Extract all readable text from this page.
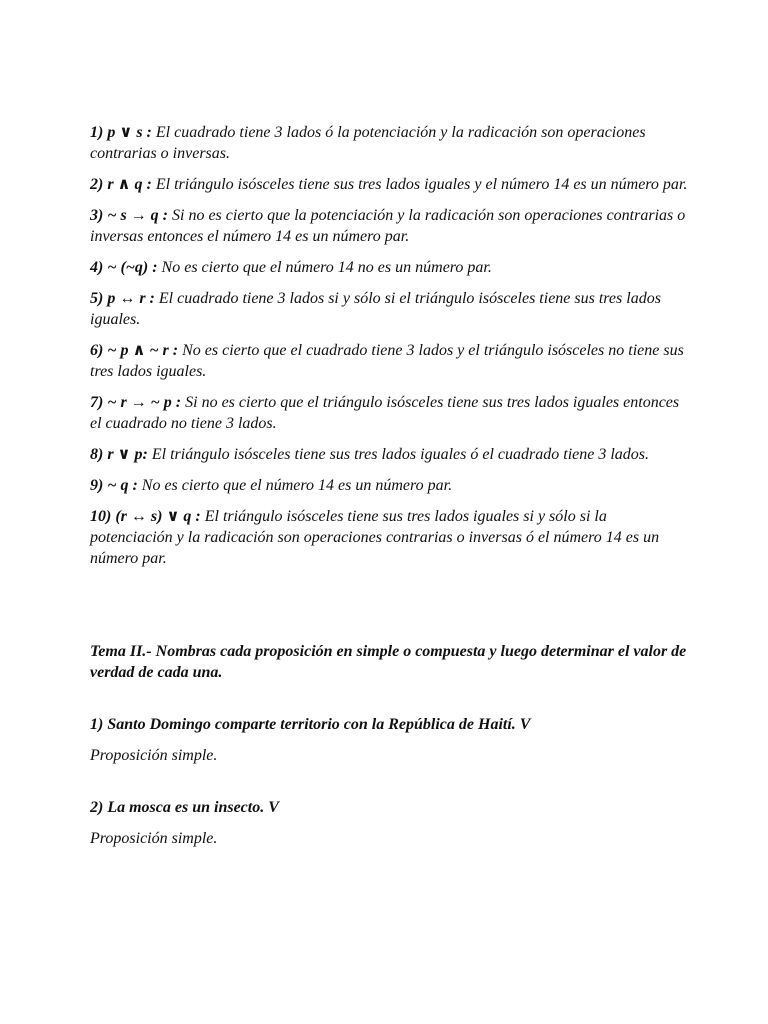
1) p ∨ s : El cuadrado tiene 3 lados ó la potenciación y la radicación son operaciones contrarias o inversas.
2) r ∧ q : El triángulo isósceles tiene sus tres lados iguales y el número 14 es un número par.
3) ~ s → q : Si no es cierto que la potenciación y la radicación son operaciones contrarias o inversas entonces el número 14 es un número par.
4) ~ (~q) : No es cierto que el número 14 no es un número par.
5) p ↔ r : El cuadrado tiene 3 lados si y sólo si el triángulo isósceles tiene sus tres lados iguales.
6) ~ p ∧ ~ r : No es cierto que el cuadrado tiene 3 lados y el triángulo isósceles no tiene sus tres lados iguales.
7) ~ r → ~ p : Si no es cierto que el triángulo isósceles tiene sus tres lados iguales entonces el cuadrado no tiene 3 lados.
8) r ∨ p: El triángulo isósceles tiene sus tres lados iguales ó el cuadrado tiene 3 lados.
9) ~ q : No es cierto que el número 14 es un número par.
10) (r ↔ s) ∨ q : El triángulo isósceles tiene sus tres lados iguales si y sólo si la potenciación y la radicación son operaciones contrarias o inversas ó el número 14 es un número par.
Tema II.- Nombras cada proposición en simple o compuesta y luego determinar el valor de verdad de cada una.
1) Santo Domingo comparte territorio con la República de Haití. V
Proposición simple.
2) La mosca es un insecto. V
Proposición simple.
